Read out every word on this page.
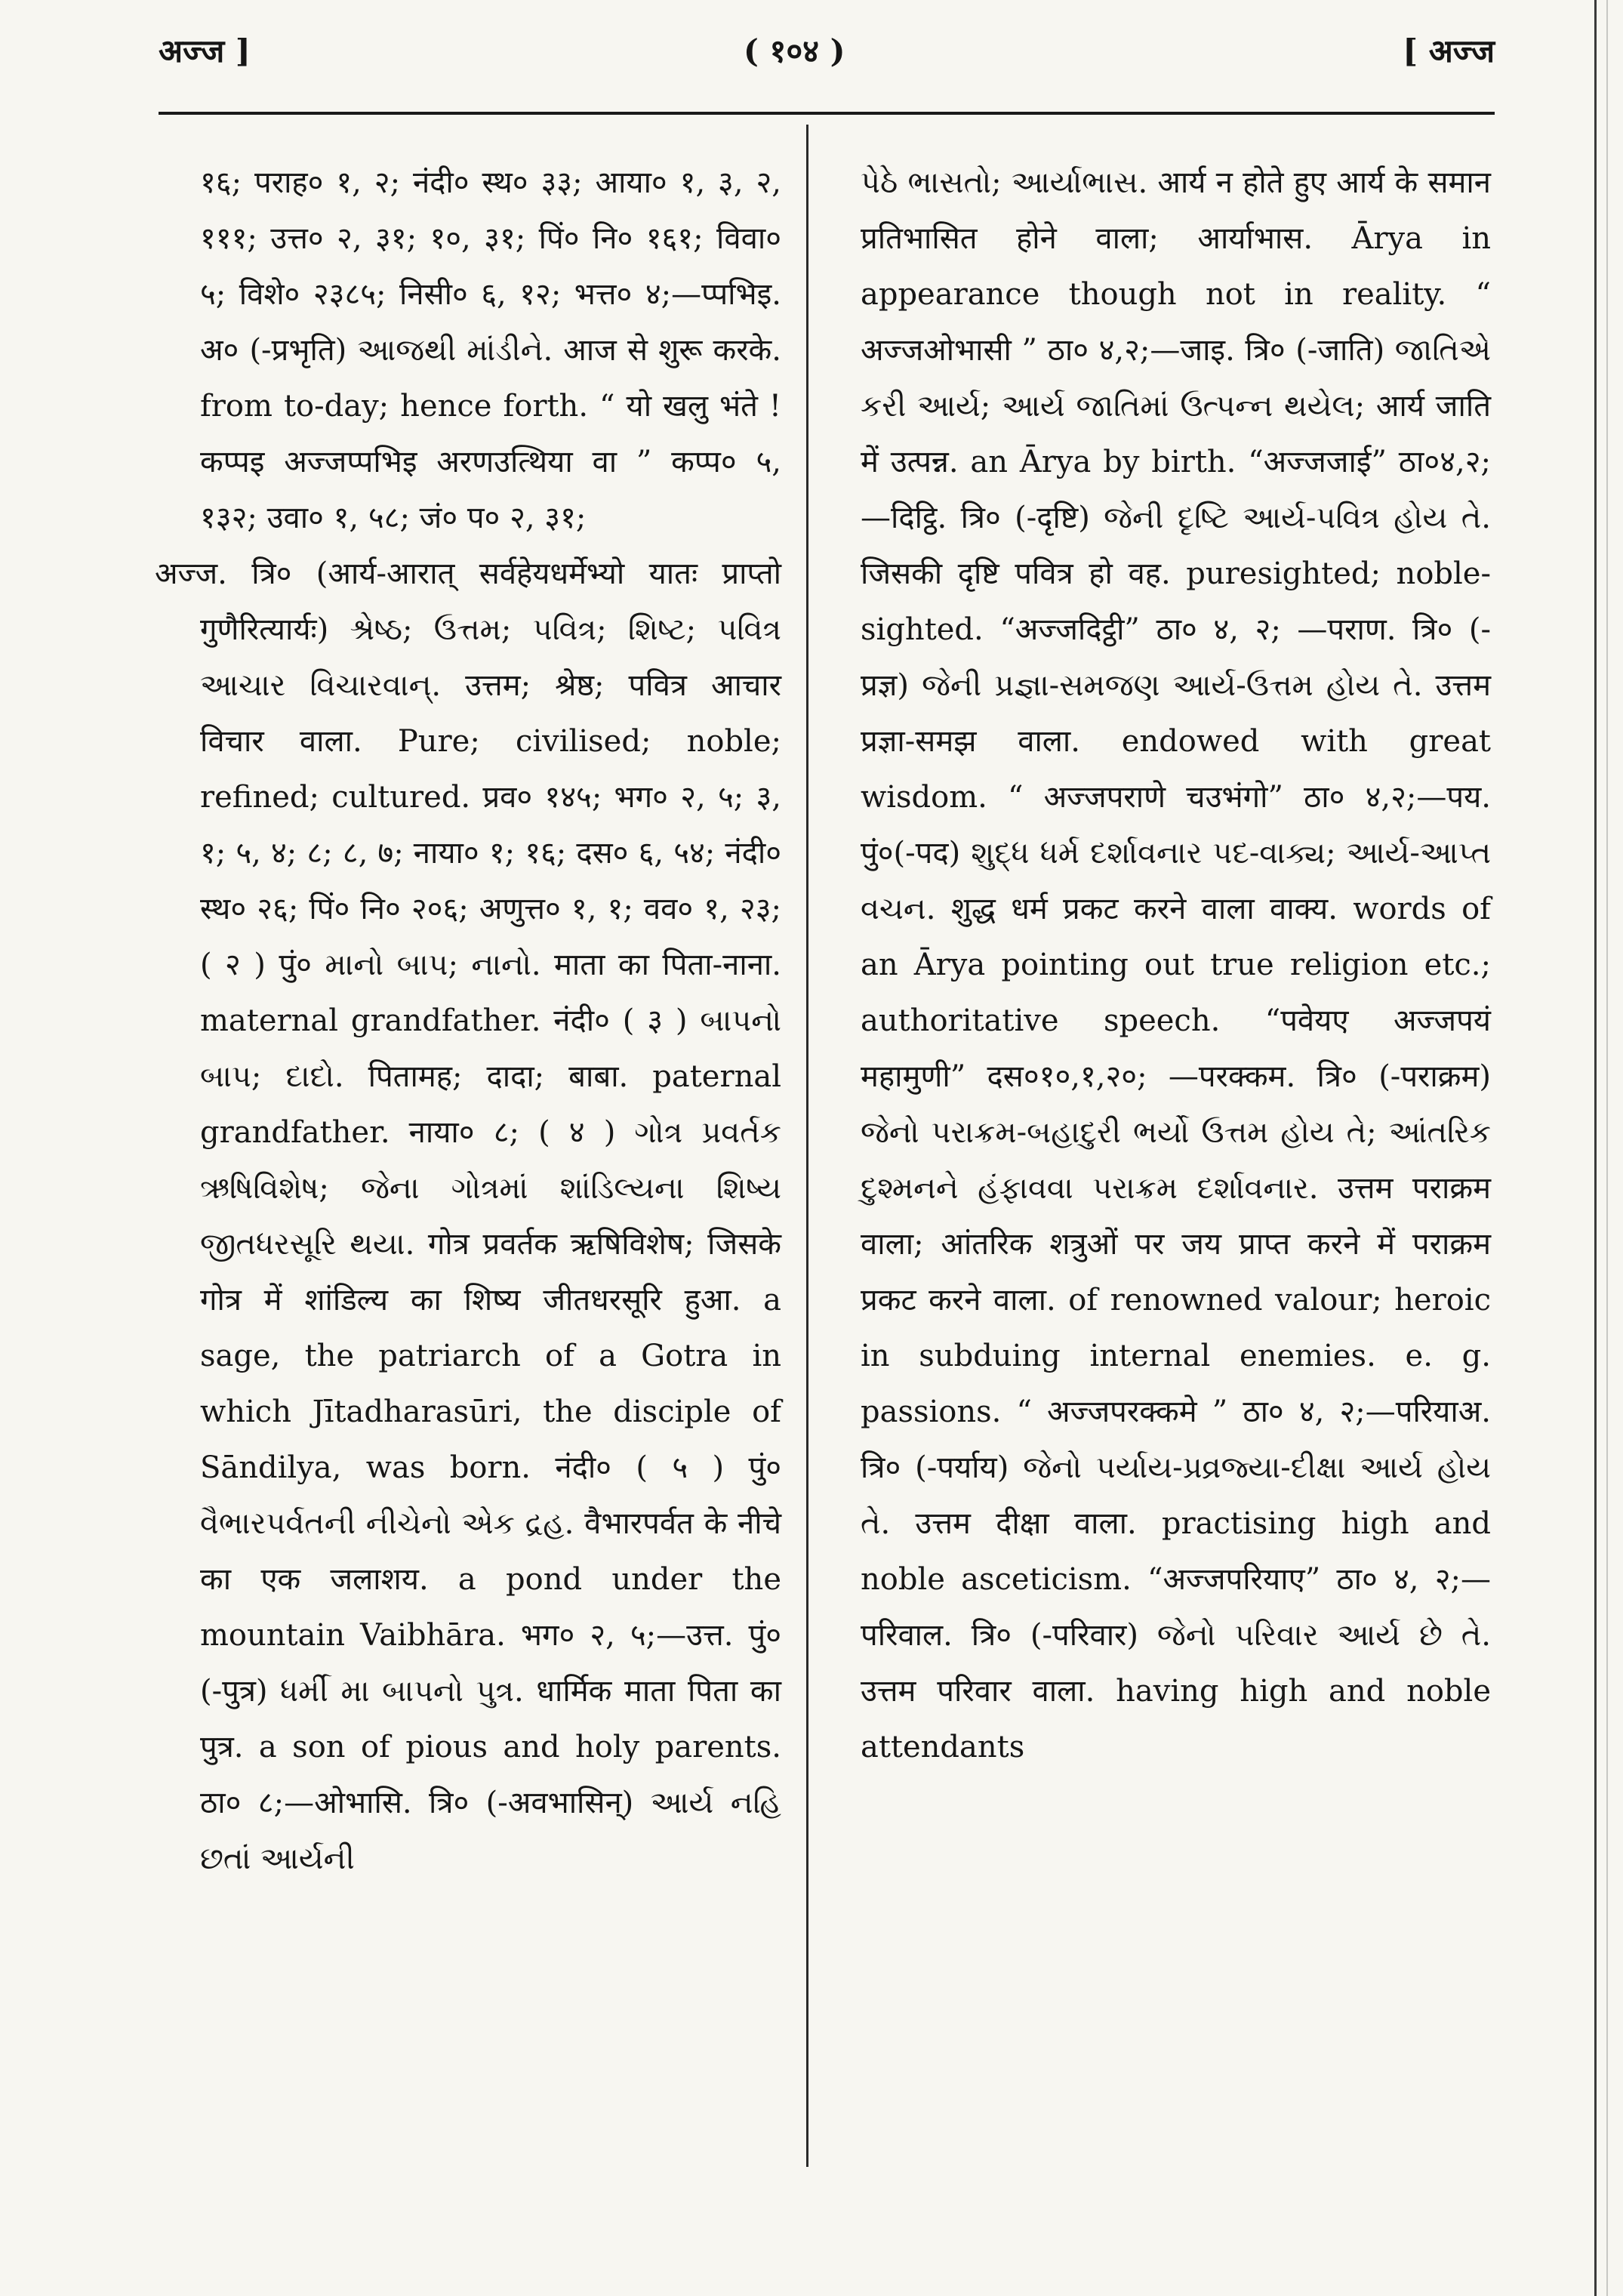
अज्ज ]	( १०४ )	[ अज्ज

१६; पराह० १, २; नंदी० स्थ० ३३; आया० १, ३, २, १११; उत्त० २, ३१; १०, ३१; पिं० नि० १६१; विवा० ५; विशे० २३८५; निसी० ६, १२; भत्त० ४;—प्पभिइ. अ० (-प्रभृति) આજથી માંડીને. आज से शुरू करके. from to-day; hence forth. “ यो खलु भंते ! कप्पइ अज्जप्पभिइ अरणउत्थिया वा ” कप्प० ५, १३२; उवा० १, ५८; जं० प० २, ३१;

अज्ज. त्रि० (आर्य-आरात् सर्वहेयधर्मेभ्यो यातः प्राप्तो गुणैरित्यार्यः) શ્રેષ્ઠ; ઉત્તમ; પવિત્ર; શિષ્ટ; પવિત્ર આચાર વિચારવાન્. उत्तम; श्रेष्ठ; पवित्र आचार विचार वाला. Pure; civilised; noble; refined; cultured. प्रव० १४५; भग० २, ५; ३, १; ५, ४; ८; ८, ७; नाया० १; १६; दस० ६, ५४; नंदी० स्थ० २६; पिं० नि० २०६; अणुत्त० १, १; वव० १, २३; ( २ ) पुं० માનો બાપ; નાનો. माता का पिता-नाना. maternal grandfather. नंदी० ( ३ ) બાપનો બાપ; દાદો. पितामह; दादा; बाबा. paternal grandfather. नाया० ८; ( ४ ) ગોત્ર પ્રવર્તક ઋષિવિશેષ; જેના ગોત્રમાં શાંડિલ્યના શિષ્ય જીતધરસૂરિ થયા. गोत्र प्रवर्तक ऋषिविशेष; जिसके गोत्र में शांडिल्य का शिष्य जीतधरसूरि हुआ. a sage, the patriarch of a Gotra in which Jītadharasūri, the disciple of Sāndilya, was born. नंदी० ( ५ ) पुं० વૈભારપર્વતની નીચેનો એક દ્રહ. वैभारपर्वत के नीचे का एक जलाशय. a pond under the mountain Vaibhāra. भग० २, ५;—उत्त. पुं० (-पुत्र) ધર્મી મા બાપનો પુત્ર. धार्मिक माता पिता का पुत्र. a son of pious and holy parents. ठा० ८;—ओभासि. त्रि० (-अवभासिन्) આર્ય નહિ છતાં આર્યની

પેઠે ભાસતો; આર્યાભાસ. आर्य न होते हुए आर्य के समान प्रतिभासित होने वाला; आर्याभास. Ārya in appearance though not in reality. “ अज्जओभासी ” ठा० ४,२;—जाइ. त्रि० (-जाति) જાતિએ કરી આર્ય; આર્ય જાતિમાં ઉત્પન્ન થયેલ; आर्य जाति में उत्पन्न. an Ārya by birth. “अज्जजाई” ठा०४,२; —दिट्ठि. त्रि० (-दृष्टि) જેની દૃષ્ટિ આર્ય-પવિત્ર હોય તે. जिसकी दृष्टि पवित्र हो वह. puresighted; noble-sighted. “अज्जदिट्ठी” ठा० ४, २; —पराण. त्रि० (-प्रज्ञ) જેની પ્રજ્ઞા-સમજણ આર્ય-ઉત્તમ હોય તે. उत्तम प्रज्ञा-समझ वाला. endowed with great wisdom. “ अज्जपराणे चउभंगो” ठा० ४,२;—पय. पुं०(-पद) શુદ્ધ ધર્મ દર્શાવનાર પદ-વાક્ય; આર્ય-આપ્ત વચન. शुद्ध धर्म प्रकट करने वाला वाक्य. words of an Ārya pointing out true religion etc.; authoritative speech. “पवेयए अज्जपयं महामुणी” दस०१०,१,२०; —परक्कम. त्रि० (-पराक्रम) જેનો પરાક્રમ-બહાદુરી ભર્યો ઉત્તમ હોય તે; આંતરિક દુશ્મનને હંફાવવા પરાક્રમ દર્શાવનાર. उत्तम पराक्रम वाला; आंतरिक शत्रुओं पर जय प्राप्त करने में पराक्रम प्रकट करने वाला. of renowned valour; heroic in subduing internal enemies. e. g. passions. “ अज्जपरक्कमे ” ठा० ४, २;—परियाअ. त्रि० (-पर्याय) જેનો પર્યાય-પ્રવ્રજ્યા-દીક્ષા આર્ય હોય તે. उत्तम दीक्षा वाला. practising high and noble asceticism. “अज्जपरियाए” ठा० ४, २;—परिवाल. त्रि० (-परिवार) જેનો પરિવાર આર્ય છે તે. उत्तम परिवार वाला. having high and noble attendants
